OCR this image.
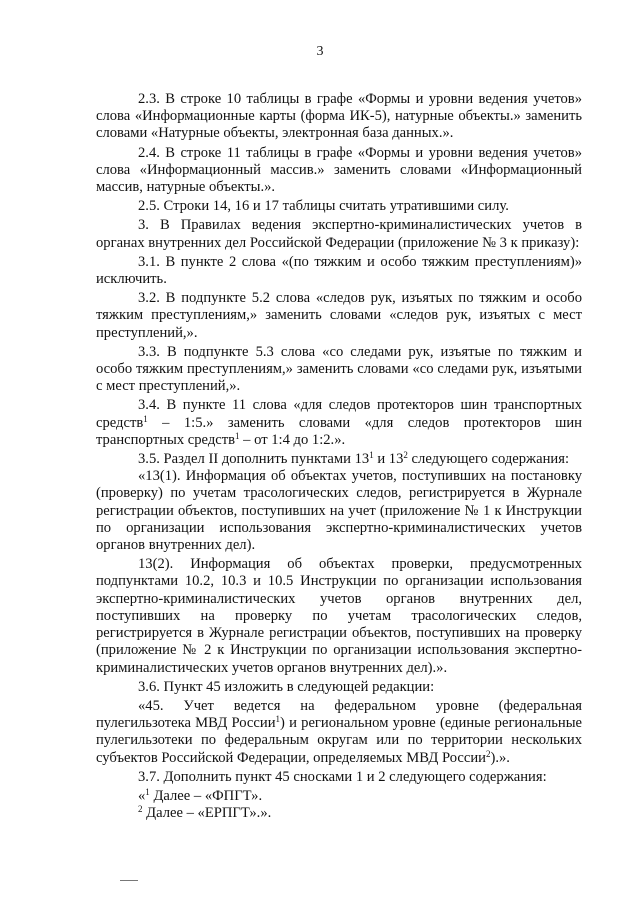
3

2.3. В строке 10 таблицы в графе «Формы и уровни ведения учетов» слова «Информационные карты (форма ИК-5), натурные объекты.» заменить словами «Натурные объекты, электронная база данных.».

2.4. В строке 11 таблицы в графе «Формы и уровни ведения учетов» слова «Информационный массив.» заменить словами «Информационный массив, натурные объекты.».

2.5. Строки 14, 16 и 17 таблицы считать утратившими силу.

3. В Правилах ведения экспертно-криминалистических учетов в органах внутренних дел Российской Федерации (приложение № 3 к приказу):

3.1. В пункте 2 слова «(по тяжким и особо тяжким преступлениям)» исключить.

3.2. В подпункте 5.2 слова «следов рук, изъятых по тяжким и особо тяжким преступлениям,» заменить словами «следов рук, изъятых с мест преступлений,».

3.3. В подпункте 5.3 слова «со следами рук, изъятые по тяжким и особо тяжким преступлениям,» заменить словами «со следами рук, изъятыми с мест преступлений,».

3.4. В пункте 11 слова «для следов протекторов шин транспортных средств$^1$ – 1:5.» заменить словами «для следов протекторов шин транспортных средств$^1$ – от 1:4 до 1:2.».

3.5. Раздел II дополнить пунктами $13^1$ и $13^2$ следующего содержания:

«13(1). Информация об объектах учетов, поступивших на постановку (проверку) по учетам трасологических следов, регистрируется в Журнале регистрации объектов, поступивших на учет (приложение № 1 к Инструкции по организации использования экспертно-криминалистических учетов органов внутренних дел).

13(2). Информация об объектах проверки, предусмотренных подпунктами 10.2, 10.3 и 10.5 Инструкции по организации использования экспертно-криминалистических учетов органов внутренних дел, поступивших на проверку по учетам трасологических следов, регистрируется в Журнале регистрации объектов, поступивших на проверку (приложение № 2 к Инструкции по организации использования экспертно-криминалистических учетов органов внутренних дел).».

3.6. Пункт 45 изложить в следующей редакции:

«45. Учет ведется на федеральном уровне (федеральная пулегильзотека МВД России$^1$) и региональном уровне (единые региональные пулегильзотеки по федеральным округам или по территории нескольких субъектов Российской Федерации, определяемых МВД России$^2$).».

3.7. Дополнить пункт 45 сносками 1 и 2 следующего содержания:

«$^1$ Далее – «ФПГТ».

$^2$ Далее – «ЕРПГТ».».
